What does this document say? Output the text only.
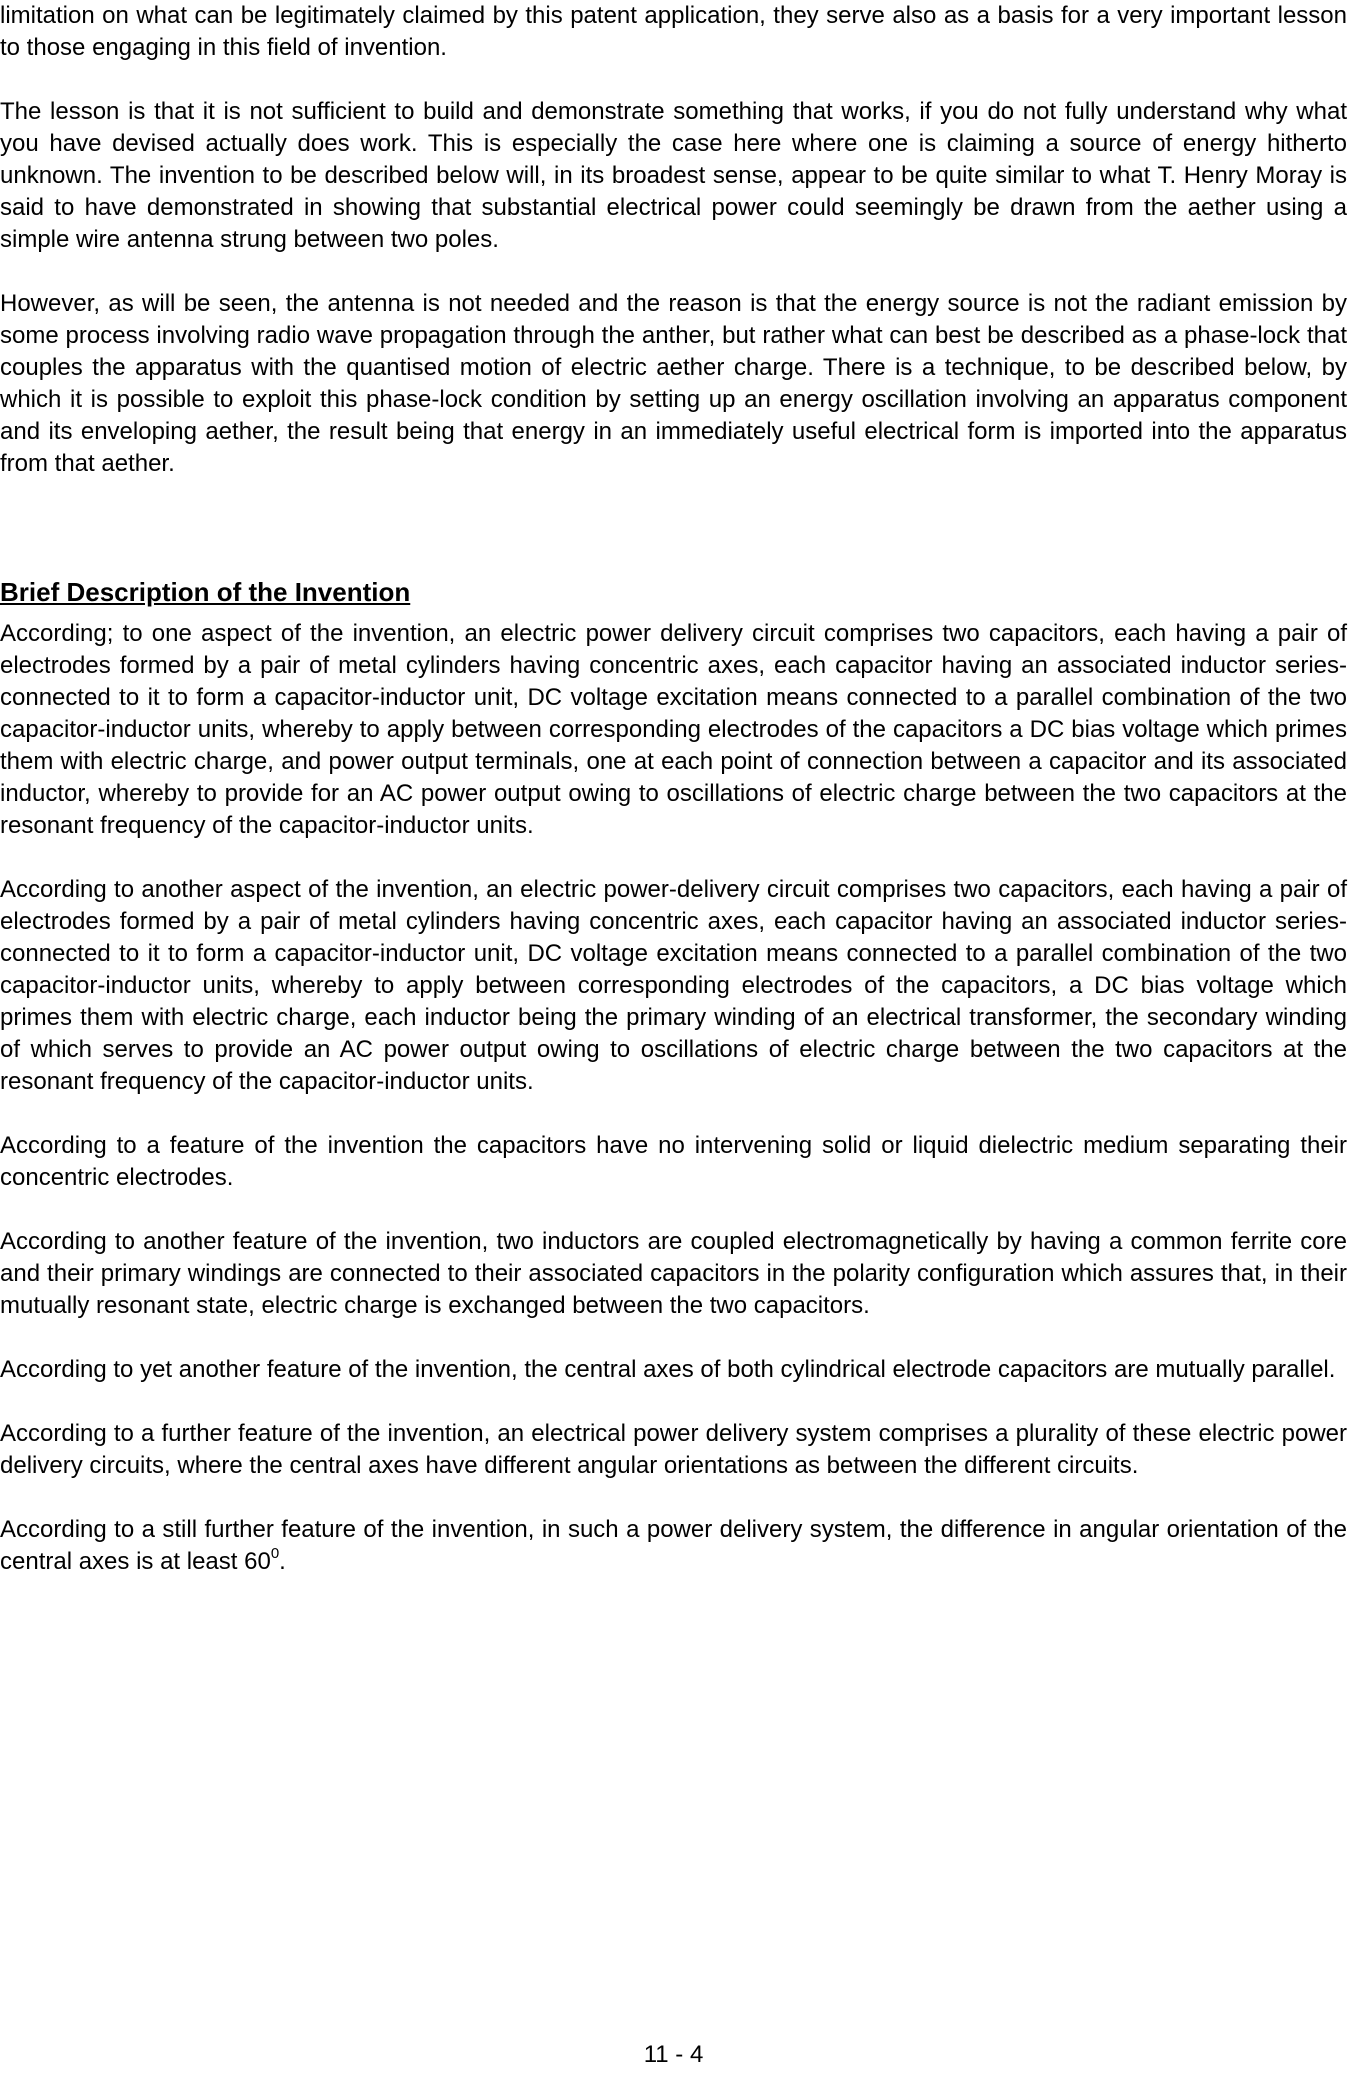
limitation on what can be legitimately claimed by this patent application, they serve also as a basis for a very important lesson to those engaging in this field of invention.

The lesson is that it is not sufficient to build and demonstrate something that works, if you do not fully understand why what you have devised actually does work. This is especially the case here where one is claiming a source of energy hitherto unknown. The invention to be described below will, in its broadest sense, appear to be quite similar to what T. Henry Moray is said to have demonstrated in showing that substantial electrical power could seemingly be drawn from the aether using a simple wire antenna strung between two poles.

However, as will be seen, the antenna is not needed and the reason is that the energy source is not the radiant emission by some process involving radio wave propagation through the anther, but rather what can best be described as a phase-lock that couples the apparatus with the quantised motion of electric aether charge. There is a technique, to be described below, by which it is possible to exploit this phase-lock condition by setting up an energy oscillation involving an apparatus component and its enveloping aether, the result being that energy in an immediately useful electrical form is imported into the apparatus from that aether.

Brief Description of the Invention

According; to one aspect of the invention, an electric power delivery circuit comprises two capacitors, each having a pair of electrodes formed by a pair of metal cylinders having concentric axes, each capacitor having an associated inductor series-connected to it to form a capacitor-inductor unit, DC voltage excitation means connected to a parallel combination of the two capacitor-inductor units, whereby to apply between corresponding electrodes of the capacitors a DC bias voltage which primes them with electric charge, and power output terminals, one at each point of connection between a capacitor and its associated inductor, whereby to provide for an AC power output owing to oscillations of electric charge between the two capacitors at the resonant frequency of the capacitor-inductor units.

According to another aspect of the invention, an electric power-delivery circuit comprises two capacitors, each having a pair of electrodes formed by a pair of metal cylinders having concentric axes, each capacitor having an associated inductor series-connected to it to form a capacitor-inductor unit, DC voltage excitation means connected to a parallel combination of the two capacitor-inductor units, whereby to apply between corresponding electrodes of the capacitors, a DC bias voltage which primes them with electric charge, each inductor being the primary winding of an electrical transformer, the secondary winding of which serves to provide an AC power output owing to oscillations of electric charge between the two capacitors at the resonant frequency of the capacitor-inductor units.

According to a feature of the invention the capacitors have no intervening solid or liquid dielectric medium separating their concentric electrodes.

According to another feature of the invention, two inductors are coupled electromagnetically by having a common ferrite core and their primary windings are connected to their associated capacitors in the polarity configuration which assures that, in their mutually resonant state, electric charge is exchanged between the two capacitors.

According to yet another feature of the invention, the central axes of both cylindrical electrode capacitors are mutually parallel.

According to a further feature of the invention, an electrical power delivery system comprises a plurality of these electric power delivery circuits, where the central axes have different angular orientations as between the different circuits.

According to a still further feature of the invention, in such a power delivery system, the difference in angular orientation of the central axes is at least $60^0$.

11 - 4
